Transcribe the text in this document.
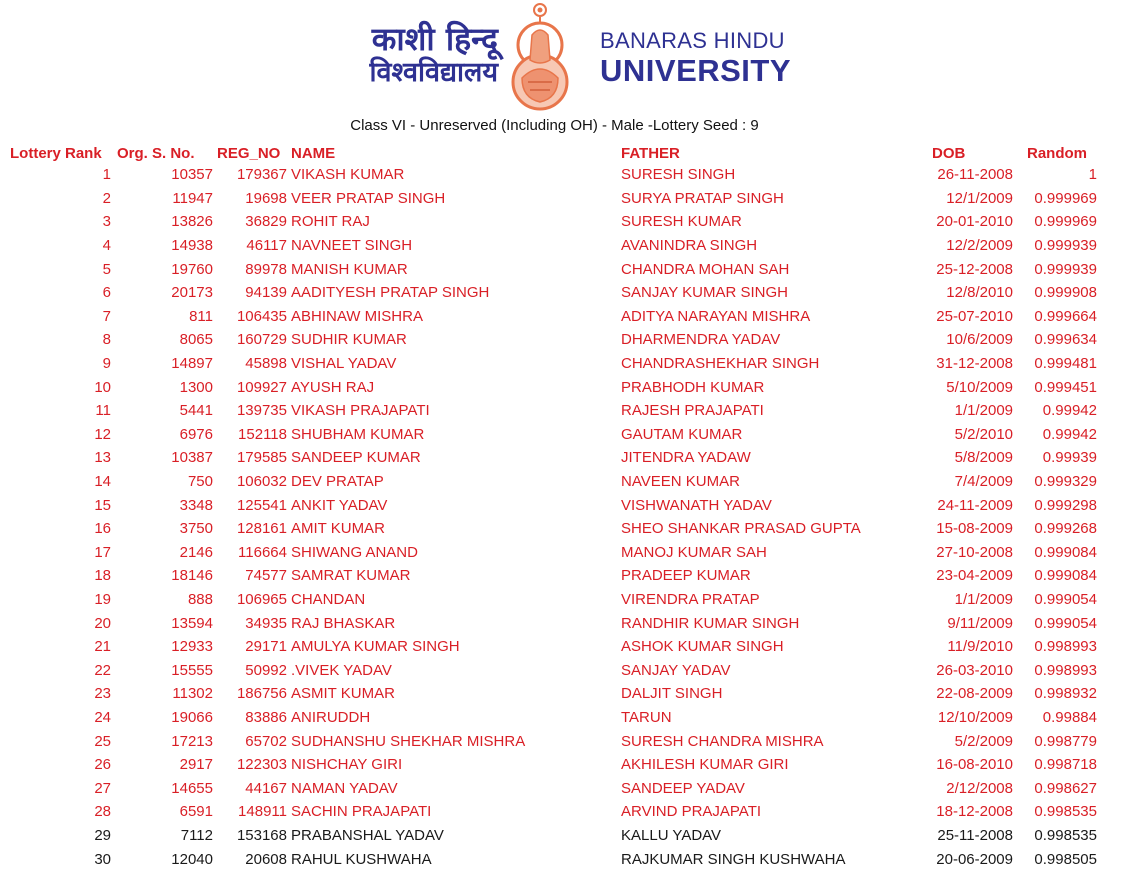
काशी हिन्दू
विश्वविद्यालय
BANARAS HINDU
UNIVERSITY
Class VI - Unreserved (Including OH) - Male -Lottery Seed : 9
Lottery Rank	Org. S. No.	REG_NO	NAME	FATHER	DOB	Random
1	10357	179367	VIKASH KUMAR	SURESH SINGH	26-11-2008	1
2	11947	19698	VEER PRATAP SINGH	SURYA PRATAP SINGH	12/1/2009	0.999969
3	13826	36829	ROHIT RAJ	SURESH KUMAR	20-01-2010	0.999969
4	14938	46117	NAVNEET SINGH	AVANINDRA SINGH	12/2/2009	0.999939
5	19760	89978	MANISH KUMAR	CHANDRA MOHAN SAH	25-12-2008	0.999939
6	20173	94139	AADITYESH PRATAP SINGH	SANJAY KUMAR SINGH	12/8/2010	0.999908
7	811	106435	ABHINAW MISHRA	ADITYA NARAYAN MISHRA	25-07-2010	0.999664
8	8065	160729	SUDHIR KUMAR	DHARMENDRA YADAV	10/6/2009	0.999634
9	14897	45898	VISHAL YADAV	CHANDRASHEKHAR SINGH	31-12-2008	0.999481
10	1300	109927	AYUSH RAJ	PRABHODH KUMAR	5/10/2009	0.999451
11	5441	139735	VIKASH PRAJAPATI	RAJESH PRAJAPATI	1/1/2009	0.99942
12	6976	152118	SHUBHAM KUMAR	GAUTAM KUMAR	5/2/2010	0.99942
13	10387	179585	SANDEEP KUMAR	JITENDRA YADAW	5/8/2009	0.99939
14	750	106032	DEV PRATAP	NAVEEN KUMAR	7/4/2009	0.999329
15	3348	125541	ANKIT YADAV	VISHWANATH YADAV	24-11-2009	0.999298
16	3750	128161	AMIT KUMAR	SHEO SHANKAR PRASAD GUPTA	15-08-2009	0.999268
17	2146	116664	SHIWANG ANAND	MANOJ KUMAR SAH	27-10-2008	0.999084
18	18146	74577	SAMRAT KUMAR	PRADEEP KUMAR	23-04-2009	0.999084
19	888	106965	CHANDAN	VIRENDRA PRATAP	1/1/2009	0.999054
20	13594	34935	RAJ BHASKAR	RANDHIR KUMAR SINGH	9/11/2009	0.999054
21	12933	29171	AMULYA KUMAR SINGH	ASHOK KUMAR SINGH	11/9/2010	0.998993
22	15555	50992	.VIVEK YADAV	SANJAY YADAV	26-03-2010	0.998993
23	11302	186756	ASMIT KUMAR	DALJIT SINGH	22-08-2009	0.998932
24	19066	83886	ANIRUDDH	TARUN	12/10/2009	0.99884
25	17213	65702	SUDHANSHU SHEKHAR MISHRA	SURESH CHANDRA MISHRA	5/2/2009	0.998779
26	2917	122303	NISHCHAY GIRI	AKHILESH KUMAR GIRI	16-08-2010	0.998718
27	14655	44167	NAMAN YADAV	SANDEEP YADAV	2/12/2008	0.998627
28	6591	148911	SACHIN PRAJAPATI	ARVIND PRAJAPATI	18-12-2008	0.998535
29	7112	153168	PRABANSHAL YADAV	KALLU YADAV	25-11-2008	0.998535
30	12040	20608	RAHUL KUSHWAHA	RAJKUMAR SINGH KUSHWAHA	20-06-2009	0.998505
